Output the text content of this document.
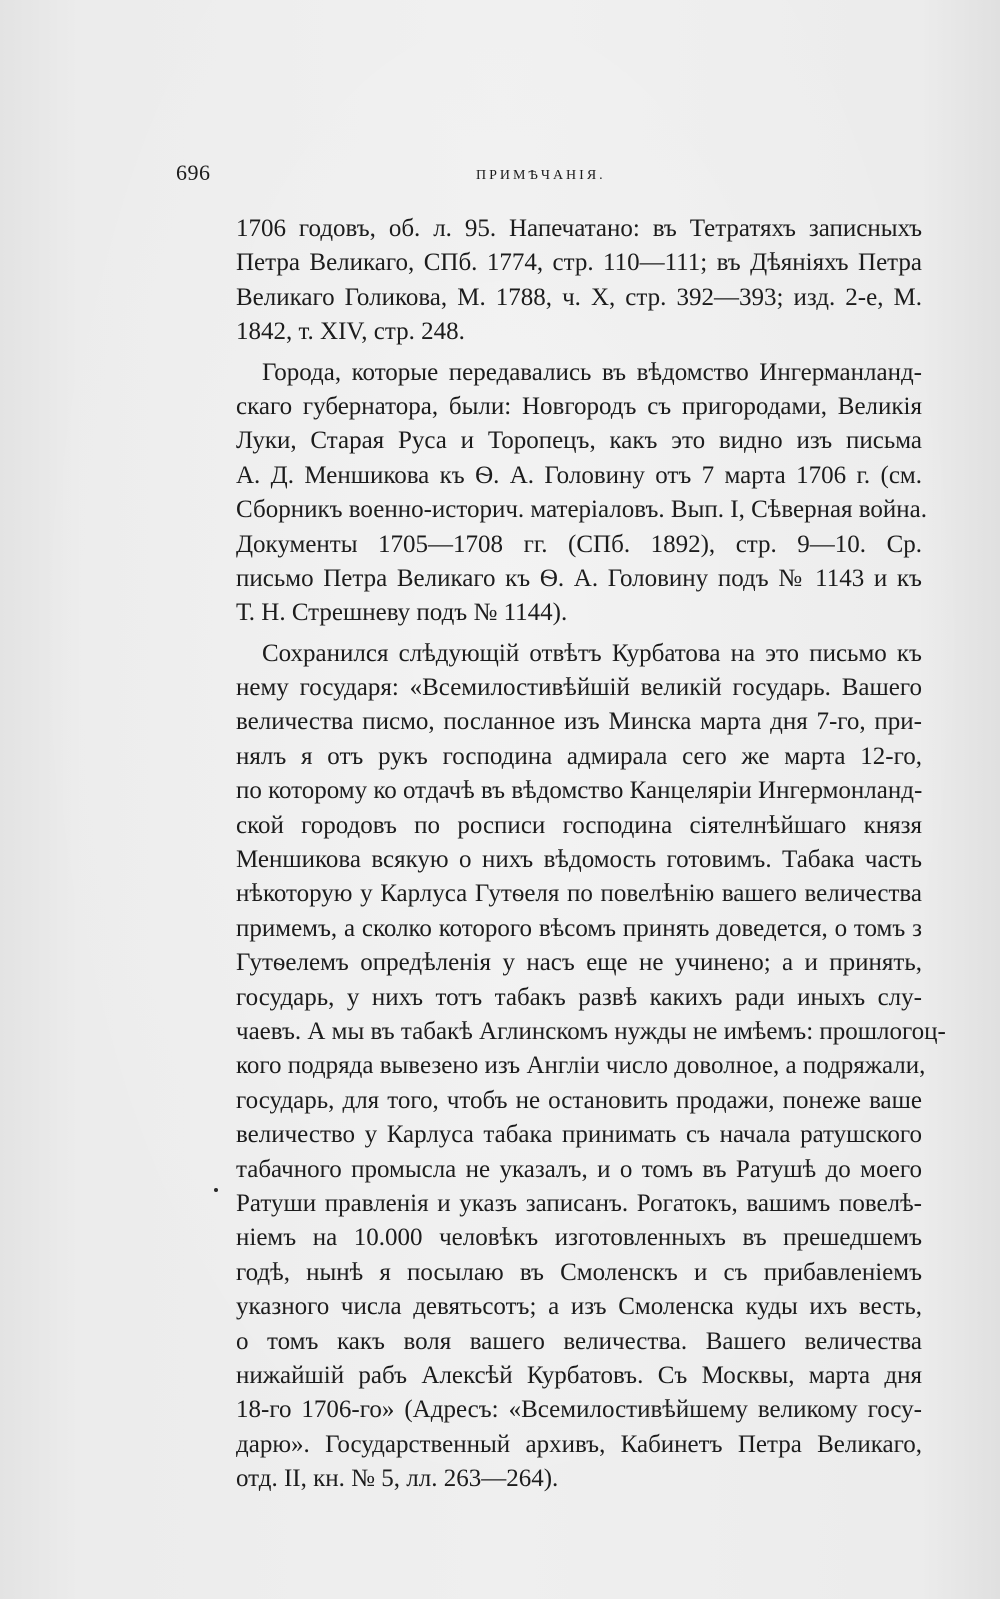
696	ПРИМѢЧАНІЯ.
1706 годовъ, об. л. 95. Напечатано: въ Тетратяхъ записныхъ
Петра Великаго, СПб. 1774, стр. 110—111; въ Дѣяніяхъ Петра
Великаго Голикова, М. 1788, ч. X, стр. 392—393; изд. 2-е, М.
1842, т. XIV, стр. 248.
Города, которые передавались въ вѣдомство Ингерманланд-
скаго губернатора, были: Новгородъ съ пригородами, Великія
Луки, Старая Руса и Торопецъ, какъ это видно изъ письма
А. Д. Меншикова къ Ѳ. А. Головину отъ 7 марта 1706 г. (см.
Сборникъ военно-историч. матеріаловъ. Вып. I, Сѣверная война.
Документы 1705—1708 гг. (СПб. 1892), стр. 9—10. Ср.
письмо Петра Великаго къ Ѳ. А. Головину подъ № 1143 и къ
Т. Н. Стрешневу подъ № 1144).
Сохранился слѣдующій отвѣтъ Курбатова на это письмо къ
нему государя: «Всемилостивѣйшій великій государь. Вашего
величества писмо, посланное изъ Минска марта дня 7-го, при-
нялъ я отъ рукъ господина адмирала сего же марта 12-го,
по которому ко отдачѣ въ вѣдомство Канцеляріи Ингермонланд-
ской городовъ по росписи господина сіятелнѣйшаго князя
Меншикова всякую о нихъ вѣдомость готовимъ. Табака часть
нѣкоторую у Карлуса Гутѳеля по повелѣнію вашего величества
примемъ, а сколко которого вѣсомъ принять доведется, о томъ з
Гутѳелемъ опредѣленія у насъ еще не учинено; а и принять,
государь, у нихъ тотъ табакъ развѣ какихъ ради иныхъ слу-
чаевъ. А мы въ табакѣ Аглинскомъ нужды не имѣемъ: прошлогоц-
кого подряда вывезено изъ Англіи число доволное, а подряжали,
государь, для того, чтобъ не остановить продажи, понеже ваше
величество у Карлуса табака принимать съ начала ратушского
табачного промысла не указалъ, и о томъ въ Ратушѣ до моего
Ратуши правленія и указъ записанъ. Рогатокъ, вашимъ повелѣ-
ніемъ на 10.000 человѣкъ изготовленныхъ въ прешедшемъ
годѣ, нынѣ я посылаю въ Смоленскъ и съ прибавленіемъ
указного числа девятьсотъ; а изъ Смоленска куды ихъ весть,
о томъ какъ воля вашего величества. Вашего величества
нижайшій рабъ Алексѣй Курбатовъ. Съ Москвы, марта дня
18-го 1706-го» (Адресъ: «Всемилостивѣйшему великому госу-
дарю». Государственный архивъ, Кабинетъ Петра Великаго,
отд. II, кн. № 5, лл. 263—264).
